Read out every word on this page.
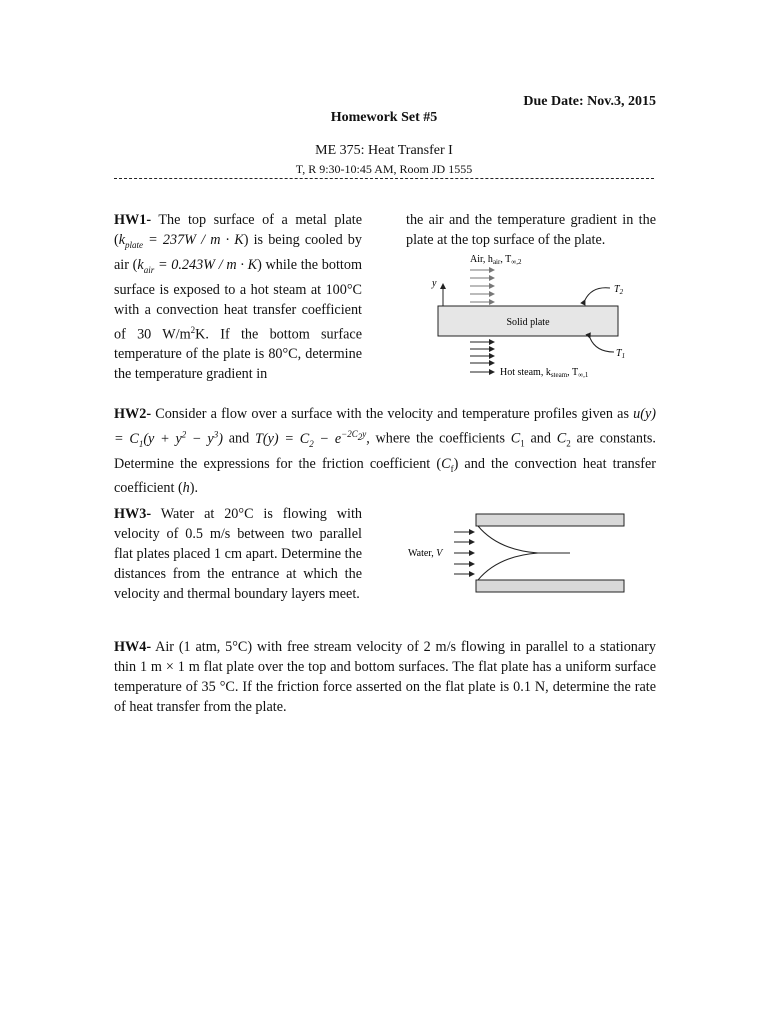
Due Date: Nov.3, 2015
Homework Set #5
ME 375: Heat Transfer I
T, R 9:30-10:45 AM, Room JD 1555
HW1- The top surface of a metal plate $(k_{plate} = 237W / m \cdot K)$ is being cooled by air $(k_{air} = 0.243W / m \cdot K)$ while the bottom surface is exposed to a hot steam at 100°C with a convection heat transfer coefficient of 30 $W/m^2K$. If the bottom surface temperature of the plate is 80°C, determine the temperature gradient in
the air and the temperature gradient in the plate at the top surface of the plate.
Air, $h_{air}$, $T_{\infty,2}$
y
$T_2$
Solid plate
$T_1$
Hot steam, $k_{steam}$, $T_{\infty,1}$
HW2- Consider a flow over a surface with the velocity and temperature profiles given as $u(y) = C_1(y + y^2 - y^3)$ and $T(y) = C_2 - e^{-2C_2y}$, where the coefficients $C_1$ and $C_2$ are constants. Determine the expressions for the friction coefficient $(C_f)$ and the convection heat transfer coefficient (h).
HW3- Water at 20°C is flowing with velocity of 0.5 m/s between two parallel flat plates placed 1 cm apart. Determine the distances from the entrance at which the velocity and thermal boundary layers meet.
Water, V
HW4- Air (1 atm, 5°C) with free stream velocity of 2 m/s flowing in parallel to a stationary thin 1 m × 1 m flat plate over the top and bottom surfaces. The flat plate has a uniform surface temperature of 35 °C. If the friction force asserted on the flat plate is 0.1 N, determine the rate of heat transfer from the plate.
